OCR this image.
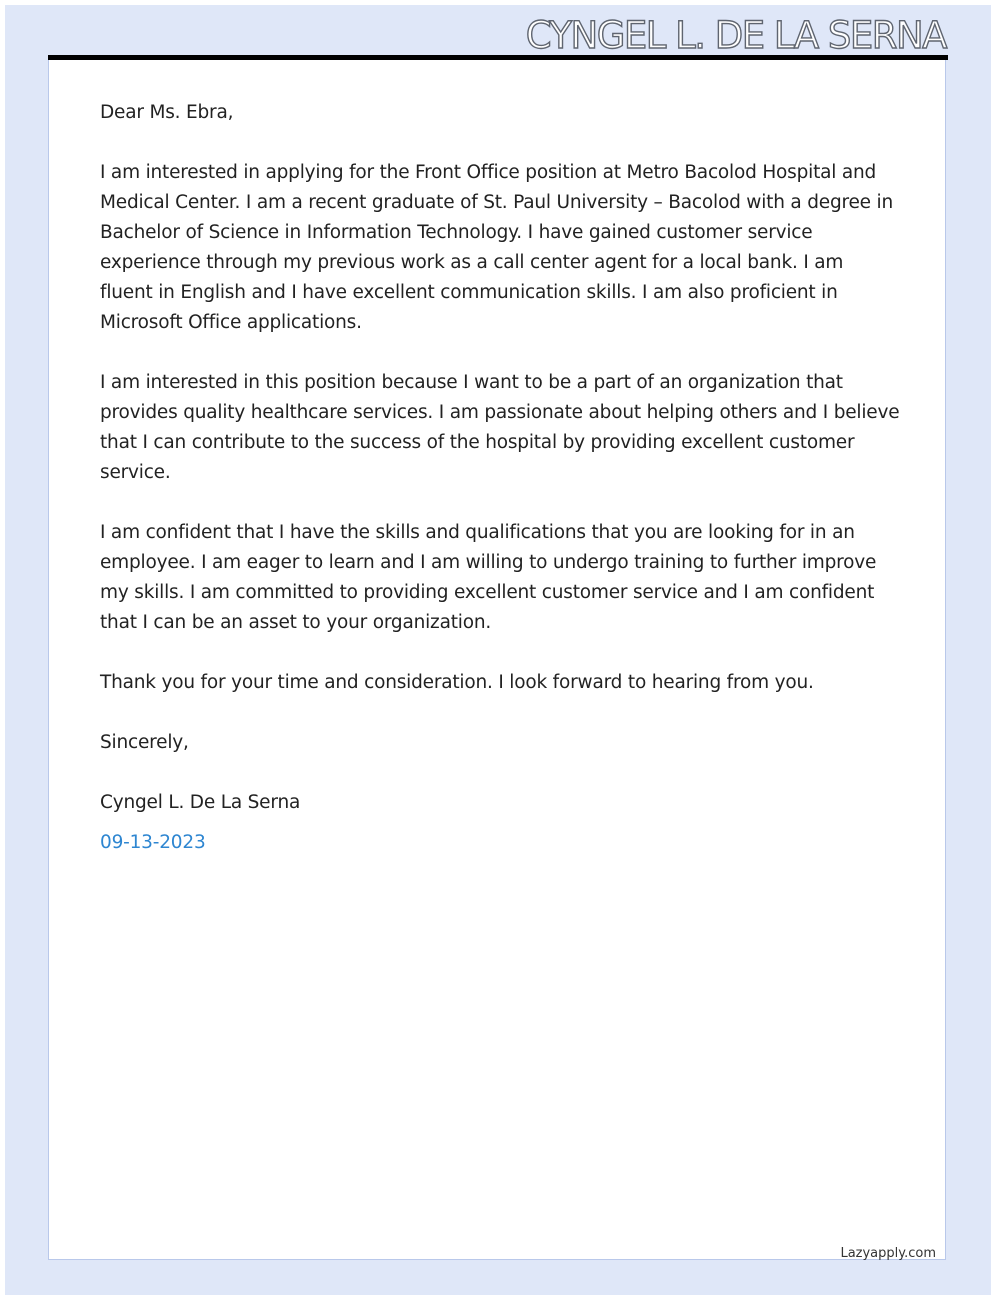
CYNGEL L. DE LA SERNA

Dear Ms. Ebra,

I am interested in applying for the Front Office position at Metro Bacolod Hospital and Medical Center. I am a recent graduate of St. Paul University – Bacolod with a degree in Bachelor of Science in Information Technology. I have gained customer service experience through my previous work as a call center agent for a local bank. I am fluent in English and I have excellent communication skills. I am also proficient in Microsoft Office applications.

I am interested in this position because I want to be a part of an organization that provides quality healthcare services. I am passionate about helping others and I believe that I can contribute to the success of the hospital by providing excellent customer service.

I am confident that I have the skills and qualifications that you are looking for in an employee. I am eager to learn and I am willing to undergo training to further improve my skills. I am committed to providing excellent customer service and I am confident that I can be an asset to your organization.

Thank you for your time and consideration. I look forward to hearing from you.

Sincerely,

Cyngel L. De La Serna

09-13-2023

Lazyapply.com
